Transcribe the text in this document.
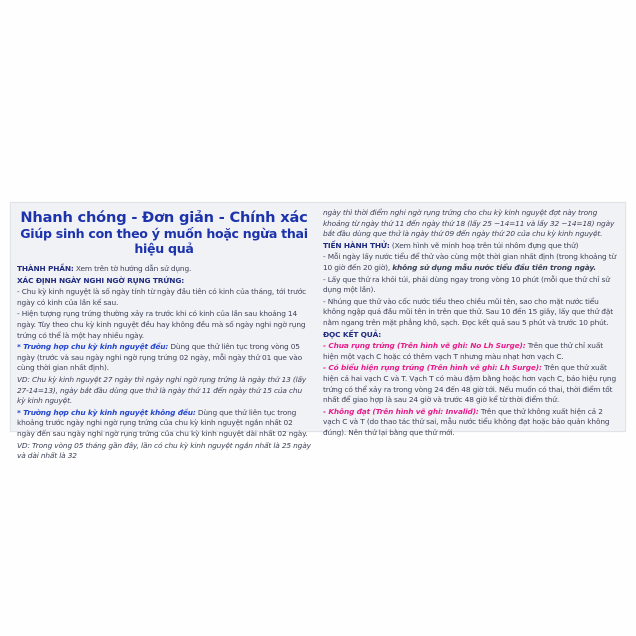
Nhanh chóng - Đơn giản - Chính xác
Giúp sinh con theo ý muốn hoặc ngừa thai hiệu quả

THÀNH PHẦN: Xem trên tờ hướng dẫn sử dụng.

XÁC ĐỊNH NGÀY NGHI NGỜ RỤNG TRỨNG:

- Chu kỳ kinh nguyệt là số ngày tính từ ngày đầu tiên có kinh của tháng, tới trước ngày có kinh của lần kế sau.

- Hiện tượng rụng trứng thường xảy ra trước khi có kinh của lần sau khoảng 14 ngày. Tùy theo chu kỳ kinh nguyệt đều hay không đều mà số ngày nghi ngờ rụng trứng có thể là một hay nhiều ngày.

* Trường hợp chu kỳ kinh nguyệt đều: Dùng que thử liên tục trong vòng 05 ngày (trước và sau ngày nghi ngờ rụng trứng 02 ngày, mỗi ngày thử 01 que vào cùng thời gian nhất định).

VD: Chu kỳ kinh nguyệt 27 ngày thì ngày nghi ngờ rụng trứng là ngày thứ 13 (lấy 27-14=13), ngày bắt đầu dùng que thử là ngày thứ 11 đến ngày thứ 15 của chu kỳ kinh nguyệt.

* Trường hợp chu kỳ kinh nguyệt không đều: Dùng que thử liên tục trong khoảng trước ngày nghi ngờ rụng trứng của chu kỳ kinh nguyệt ngắn nhất 02 ngày đến sau ngày nghi ngờ rụng trứng của chu kỳ kinh nguyệt dài nhất 02 ngày.

VD: Trong vòng 05 tháng gần đây, lần có chu kỳ kinh nguyệt ngắn nhất là 25 ngày và dài nhất là 32

ngày thì thời điểm nghi ngờ rụng trứng cho chu kỳ kinh nguyệt đợt này trong khoảng từ ngày thứ 11 đến ngày thứ 18 (lấy 25 −14=11 và lấy 32 −14=18) ngày bắt đầu dùng que thử là ngày thứ 09 đến ngày thứ 20 của chu kỳ kinh nguyệt.

TIẾN HÀNH THỬ: (Xem hình vẽ minh hoạ trên túi nhôm đựng que thử)

- Mỗi ngày lấy nước tiểu để thử vào cùng một thời gian nhất định (trong khoảng từ 10 giờ đến 20 giờ), không sử dụng mẫu nước tiểu đầu tiên trong ngày.

- Lấy que thử ra khỏi túi, phải dùng ngay trong vòng 10 phút (mỗi que thử chỉ sử dụng một lần).

- Nhúng que thử vào cốc nước tiểu theo chiều mũi tên, sao cho mặt nước tiểu không ngập quá đầu mũi tên in trên que thử. Sau 10 đến 15 giây, lấy que thử đặt nằm ngang trên mặt phẳng khô, sạch. Đọc kết quả sau 5 phút và trước 10 phút.

ĐỌC KẾT QUẢ:

- Chưa rụng trứng (Trên hình vẽ ghi: No Lh Surge): Trên que thử chỉ xuất hiện một vạch C hoặc có thêm vạch T nhưng màu nhạt hơn vạch C.

- Có biểu hiện rụng trứng (Trên hình vẽ ghi: Lh Surge): Trên que thử xuất hiện cả hai vạch C và T. Vạch T có màu đậm bằng hoặc hơn vạch C, báo hiệu rụng trứng có thể xảy ra trong vòng 24 đến 48 giờ tới. Nếu muốn có thai, thời điểm tốt nhất để giao hợp là sau 24 giờ và trước 48 giờ kể từ thời điểm thử.

- Không đạt (Trên hình vẽ ghi: Invalid): Trên que thử không xuất hiện cả 2 vạch C và T (do thao tác thử sai, mẫu nước tiểu không đạt hoặc bảo quản không đúng). Nên thử lại bằng que thử mới.
